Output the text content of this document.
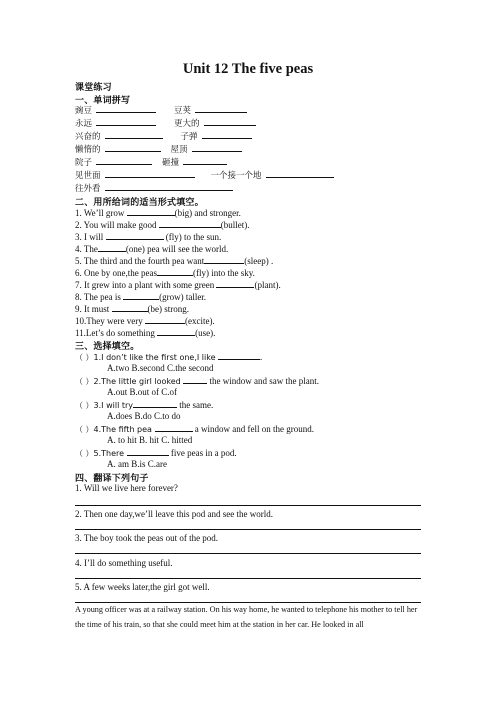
Unit 12 The five peas
课堂练习
一、单词拼写
豌豆	豆荚
永远	更大的
兴奋的	子弹
懒惰的	屋顶
院子	砸撞
见世面	一个接一个地
往外看
二、用所给词的适当形式填空。
1. We’ll grow	(big) and stronger.
2. You will make good	(bullet).
3. I will	(fly) to the sun.
4. The	(one) pea will see the world.
5. The third and the fourth pea want	(sleep) .
6. One by one,the peas	(fly) into the sky.
7. It grew into a plant with some green	(plant).
8. The pea is	(grow) taller.
9. It must	(be) strong.
10.They were very	(excite).
11.Let’s do something	(use).
三、选择填空。
（ ）1.I don’t like the first one,I like	.
A.two B.second C.the second
（ ）2.The little girl looked	the window and saw the plant.
A.out B.out of C.of
（ ）3.I will try	the same.
A.does B.do C.to do
（ ）4.The fifth pea	a window and fell on the ground.
A. to hit B. hit C. hitted
（ ）5.There	five peas in a pod.
A. am B.is C.are
四、翻译下列句子
1. Will we live here forever?
2. Then one day,we’ll leave this pod and see the world.
3. The boy took the peas out of the pod.
4. I’ll do something useful.
5. A few weeks later,the girl got well.
A young officer was at a railway station. On his way home, he wanted to telephone his mother to tell her the time of his train, so that she could meet him at the station in her car. He looked in all
